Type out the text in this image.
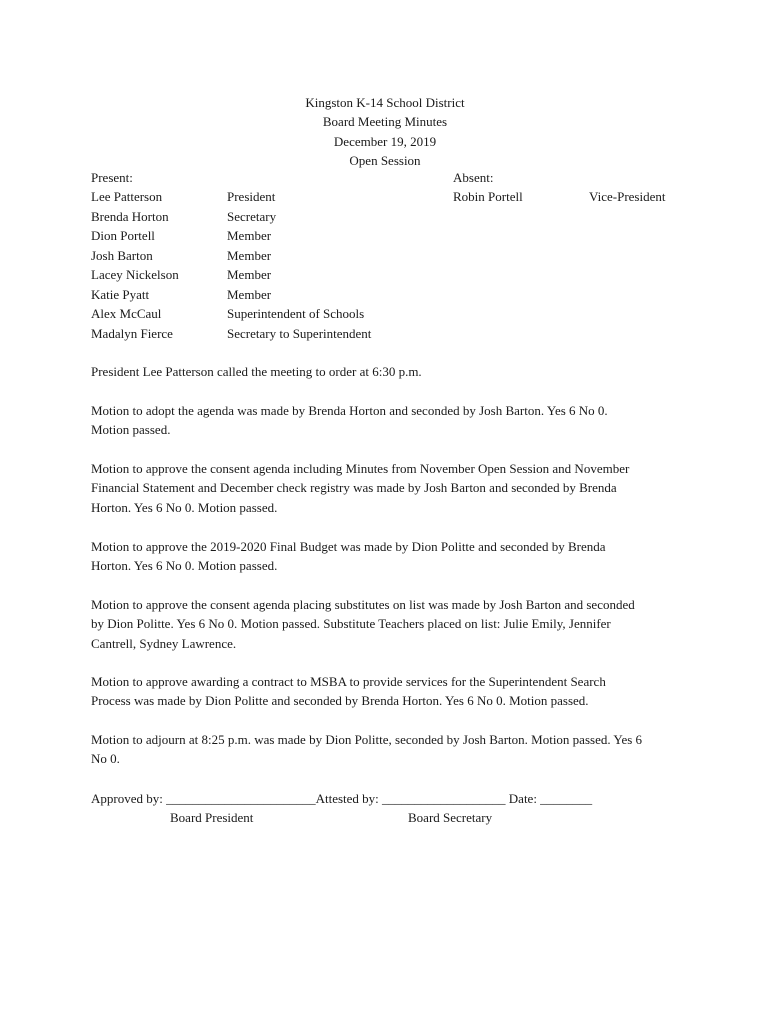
Kingston K-14 School District
Board Meeting Minutes
December 19, 2019
Open Session
Present:	Absent:
Lee Patterson	President	Robin Portell	Vice-President
Brenda Horton	Secretary
Dion Portell	Member
Josh Barton	Member
Lacey Nickelson	Member
Katie Pyatt	Member
Alex McCaul	Superintendent of Schools
Madalyn Fierce	Secretary to Superintendent
President Lee Patterson called the meeting to order at 6:30 p.m.
Motion to adopt the agenda was made by Brenda Horton and seconded by Josh Barton. Yes 6 No 0.
Motion passed.
Motion to approve the consent agenda including Minutes from November Open Session and November
Financial Statement and December check registry was made by Josh Barton and seconded by Brenda
Horton. Yes 6 No 0. Motion passed.
Motion to approve the 2019-2020 Final Budget was made by Dion Politte and seconded by Brenda
Horton. Yes 6 No 0. Motion passed.
Motion to approve the consent agenda placing substitutes on list was made by Josh Barton and seconded
by Dion Politte. Yes 6 No 0. Motion passed. Substitute Teachers placed on list: Julie Emily, Jennifer
Cantrell, Sydney Lawrence.
Motion to approve awarding a contract to MSBA to provide services for the Superintendent Search
Process was made by Dion Politte and seconded by Brenda Horton. Yes 6 No 0. Motion passed.
Motion to adjourn at 8:25 p.m. was made by Dion Politte, seconded by Josh Barton. Motion passed. Yes 6
No 0.
Approved by: _______________________Attested by: ___________________ Date: ________
Board President	Board Secretary
